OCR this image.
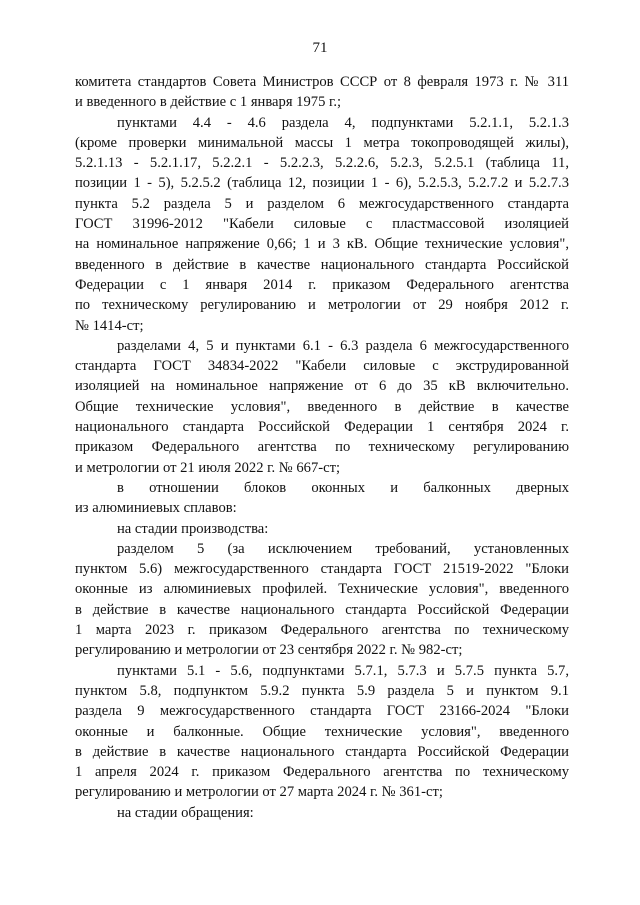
71
комитета стандартов Совета Министров СССР от 8 февраля 1973 г. № 311
и введенного в действие с 1 января 1975 г.;
пунктами 4.4 - 4.6 раздела 4, подпунктами 5.2.1.1, 5.2.1.3
(кроме проверки минимальной массы 1 метра токопроводящей жилы),
5.2.1.13 - 5.2.1.17, 5.2.2.1 - 5.2.2.3, 5.2.2.6, 5.2.3, 5.2.5.1 (таблица 11,
позиции 1 - 5), 5.2.5.2 (таблица 12, позиции 1 - 6), 5.2.5.3, 5.2.7.2 и 5.2.7.3
пункта 5.2 раздела 5 и разделом 6 межгосударственного стандарта
ГОСТ 31996-2012 "Кабели силовые с пластмассовой изоляцией
на номинальное напряжение 0,66; 1 и 3 кВ. Общие технические условия",
введенного в действие в качестве национального стандарта Российской
Федерации с 1 января 2014 г. приказом Федерального агентства
по техническому регулированию и метрологии от 29 ноября 2012 г.
№ 1414-ст;
разделами 4, 5 и пунктами 6.1 - 6.3 раздела 6 межгосударственного
стандарта ГОСТ 34834-2022 "Кабели силовые с экструдированной
изоляцией на номинальное напряжение от 6 до 35 кВ включительно.
Общие технические условия", введенного в действие в качестве
национального стандарта Российской Федерации 1 сентября 2024 г.
приказом Федерального агентства по техническому регулированию
и метрологии от 21 июля 2022 г. № 667-ст;
в отношении блоков оконных и балконных дверных
из алюминиевых сплавов:
на стадии производства:
разделом 5 (за исключением требований, установленных
пунктом 5.6) межгосударственного стандарта ГОСТ 21519-2022 "Блоки
оконные из алюминиевых профилей. Технические условия", введенного
в действие в качестве национального стандарта Российской Федерации
1 марта 2023 г. приказом Федерального агентства по техническому
регулированию и метрологии от 23 сентября 2022 г. № 982-ст;
пунктами 5.1 - 5.6, подпунктами 5.7.1, 5.7.3 и 5.7.5 пункта 5.7,
пунктом 5.8, подпунктом 5.9.2 пункта 5.9 раздела 5 и пунктом 9.1
раздела 9 межгосударственного стандарта ГОСТ 23166-2024 "Блоки
оконные и балконные. Общие технические условия", введенного
в действие в качестве национального стандарта Российской Федерации
1 апреля 2024 г. приказом Федерального агентства по техническому
регулированию и метрологии от 27 марта 2024 г. № 361-ст;
на стадии обращения:
